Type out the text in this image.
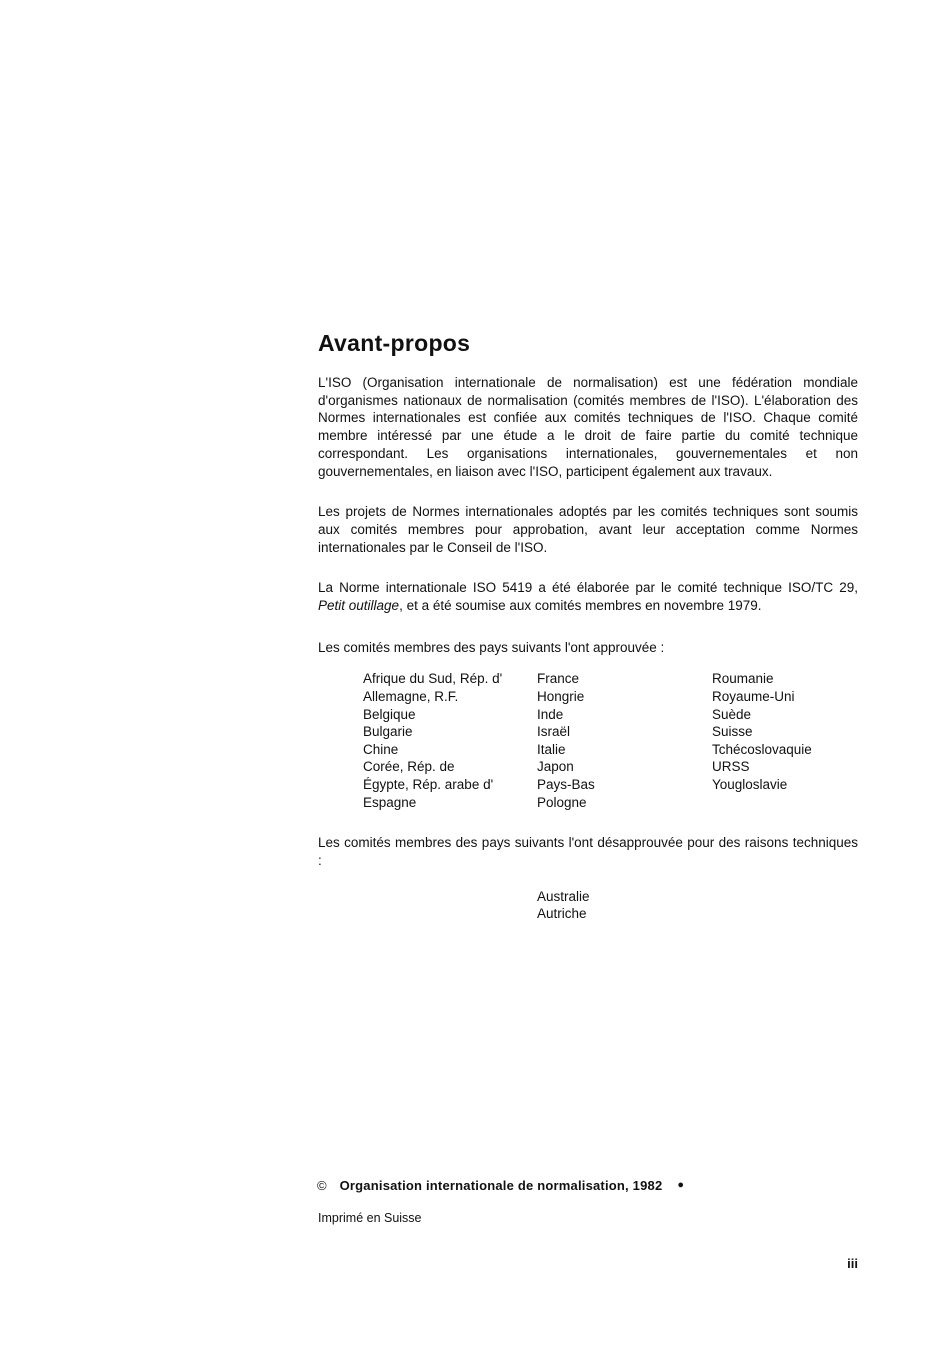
Avant-propos

L'ISO (Organisation internationale de normalisation) est une fédération mondiale d'organismes nationaux de normalisation (comités membres de l'ISO). L'élaboration des Normes internationales est confiée aux comités techniques de l'ISO. Chaque comité membre intéressé par une étude a le droit de faire partie du comité technique correspondant. Les organisations internationales, gouvernementales et non gouvernementales, en liaison avec l'ISO, participent également aux travaux.

Les projets de Normes internationales adoptés par les comités techniques sont soumis aux comités membres pour approbation, avant leur acceptation comme Normes internationales par le Conseil de l'ISO.

La Norme internationale ISO 5419 a été élaborée par le comité technique ISO/TC 29, Petit outillage, et a été soumise aux comités membres en novembre 1979.

Les comités membres des pays suivants l'ont approuvée :

Afrique du Sud, Rép. d'
Allemagne, R.F.
Belgique
Bulgarie
Chine
Corée, Rép. de
Égypte, Rép. arabe d'
Espagne
France
Hongrie
Inde
Israël
Italie
Japon
Pays-Bas
Pologne
Roumanie
Royaume-Uni
Suède
Suisse
Tchécoslovaquie
URSS
Yougloslavie

Les comités membres des pays suivants l'ont désapprouvée pour des raisons techniques :

Australie
Autriche
© Organisation internationale de normalisation, 1982 ●
Imprimé en Suisse
iii
